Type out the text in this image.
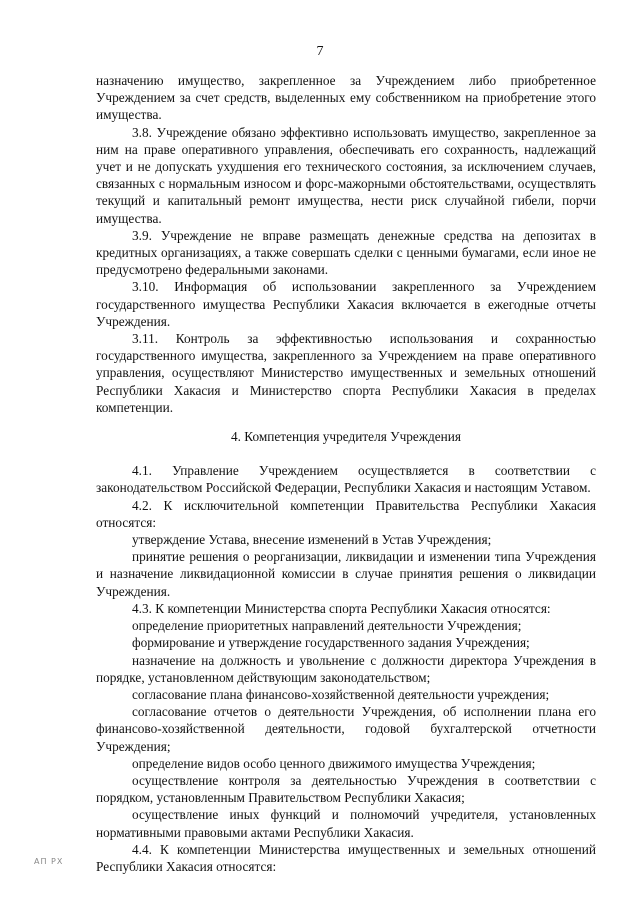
7

назначению имущество, закрепленное за Учреждением либо приобретенное Учреждением за счет средств, выделенных ему собственником на приобретение этого имущества.

3.8. Учреждение обязано эффективно использовать имущество, закрепленное за ним на праве оперативного управления, обеспечивать его сохранность, надлежащий учет и не допускать ухудшения его технического состояния, за исключением случаев, связанных с нормальным износом и форс-мажорными обстоятельствами, осуществлять текущий и капитальный ремонт имущества, нести риск случайной гибели, порчи имущества.

3.9. Учреждение не вправе размещать денежные средства на депозитах в кредитных организациях, а также совершать сделки с ценными бумагами, если иное не предусмотрено федеральными законами.

3.10. Информация об использовании закрепленного за Учреждением государственного имущества Республики Хакасия включается в ежегодные отчеты Учреждения.

3.11. Контроль за эффективностью использования и сохранностью государственного имущества, закрепленного за Учреждением на праве оперативного управления, осуществляют Министерство имущественных и земельных отношений Республики Хакасия и Министерство спорта Республики Хакасия в пределах компетенции.

4. Компетенция учредителя Учреждения

4.1. Управление Учреждением осуществляется в соответствии с законодательством Российской Федерации, Республики Хакасия и настоящим Уставом.

4.2. К исключительной компетенции Правительства Республики Хакасия относятся:

утверждение Устава, внесение изменений в Устав Учреждения;

принятие решения о реорганизации, ликвидации и изменении типа Учреждения и назначение ликвидационной комиссии в случае принятия решения о ликвидации Учреждения.

4.3. К компетенции Министерства спорта Республики Хакасия относятся:

определение приоритетных направлений деятельности Учреждения;

формирование и утверждение государственного задания Учреждения;

назначение на должность и увольнение с должности директора Учреждения в порядке, установленном действующим законодательством;

согласование плана финансово-хозяйственной деятельности учреждения;

согласование отчетов о деятельности Учреждения, об исполнении плана его финансово-хозяйственной деятельности, годовой бухгалтерской отчетности Учреждения;

определение видов особо ценного движимого имущества Учреждения;

осуществление контроля за деятельностью Учреждения в соответствии с порядком, установленным Правительством Республики Хакасия;

осуществление иных функций и полномочий учредителя, установленных нормативными правовыми актами Республики Хакасия.

4.4. К компетенции Министерства имущественных и земельных отношений Республики Хакасия относятся:

АП РХ
